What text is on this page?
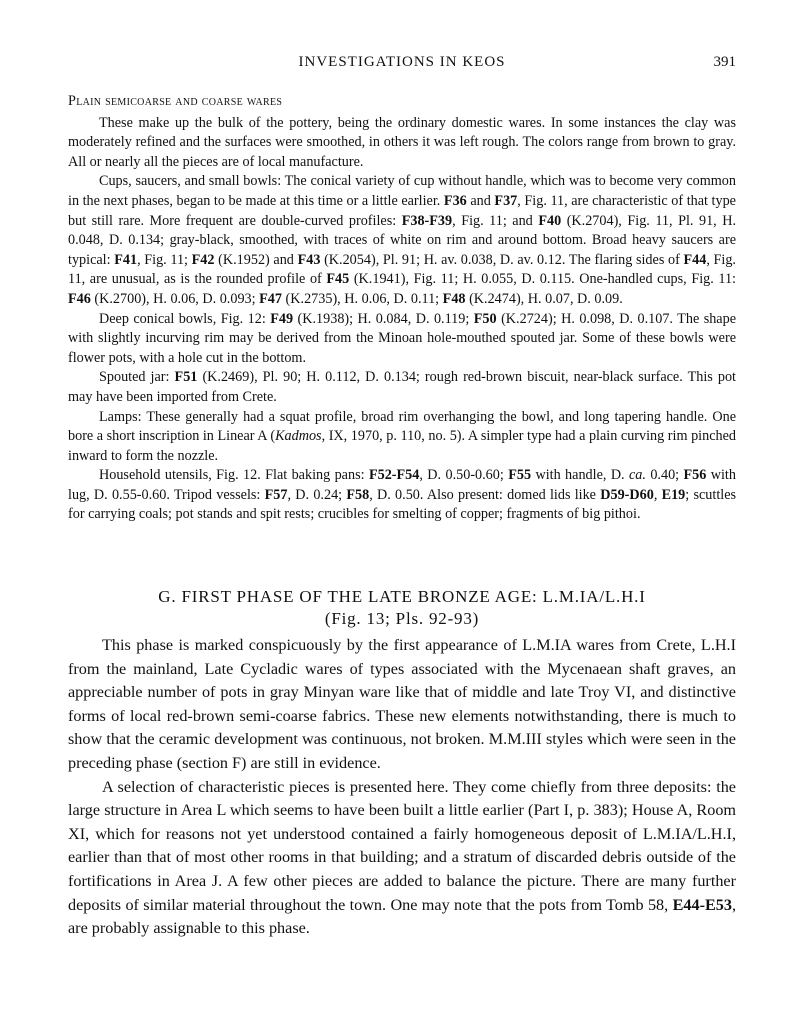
INVESTIGATIONS IN KEOS	391
Plain semicoarse and coarse wares

These make up the bulk of the pottery, being the ordinary domestic wares. In some instances the clay was moderately refined and the surfaces were smoothed, in others it was left rough. The colors range from brown to gray. All or nearly all the pieces are of local manufacture.

Cups, saucers, and small bowls: The conical variety of cup without handle, which was to become very common in the next phases, began to be made at this time or a little earlier. F36 and F37, Fig. 11, are characteristic of that type but still rare. More frequent are double-curved profiles: F38-F39, Fig. 11; and F40 (K.2704), Fig. 11, Pl. 91, H. 0.048, D. 0.134; gray-black, smoothed, with traces of white on rim and around bottom. Broad heavy saucers are typical: F41, Fig. 11; F42 (K.1952) and F43 (K.2054), Pl. 91; H. av. 0.038, D. av. 0.12. The flaring sides of F44, Fig. 11, are unusual, as is the rounded profile of F45 (K.1941), Fig. 11; H. 0.055, D. 0.115. One-handled cups, Fig. 11: F46 (K.2700), H. 0.06, D. 0.093; F47 (K.2735), H. 0.06, D. 0.11; F48 (K.2474), H. 0.07, D. 0.09.

Deep conical bowls, Fig. 12: F49 (K.1938); H. 0.084, D. 0.119; F50 (K.2724); H. 0.098, D. 0.107. The shape with slightly incurving rim may be derived from the Minoan hole-mouthed spouted jar. Some of these bowls were flower pots, with a hole cut in the bottom.

Spouted jar: F51 (K.2469), Pl. 90; H. 0.112, D. 0.134; rough red-brown biscuit, near-black surface. This pot may have been imported from Crete.

Lamps: These generally had a squat profile, broad rim overhanging the bowl, and long tapering handle. One bore a short inscription in Linear A (Kadmos, IX, 1970, p. 110, no. 5). A simpler type had a plain curving rim pinched inward to form the nozzle.

Household utensils, Fig. 12. Flat baking pans: F52-F54, D. 0.50-0.60; F55 with handle, D. ca. 0.40; F56 with lug, D. 0.55-0.60. Tripod vessels: F57, D. 0.24; F58, D. 0.50. Also present: domed lids like D59-D60, E19; scuttles for carrying coals; pot stands and spit rests; crucibles for smelting of copper; fragments of big pithoi.

G. FIRST PHASE OF THE LATE BRONZE AGE: L.M.IA/L.H.I
(Fig. 13; Pls. 92-93)

This phase is marked conspicuously by the first appearance of L.M.IA wares from Crete, L.H.I from the mainland, Late Cycladic wares of types associated with the Mycenaean shaft graves, an appreciable number of pots in gray Minyan ware like that of middle and late Troy VI, and distinctive forms of local red-brown semi-coarse fabrics. These new elements notwithstanding, there is much to show that the ceramic development was continuous, not broken. M.M.III styles which were seen in the preceding phase (section F) are still in evidence.

A selection of characteristic pieces is presented here. They come chiefly from three deposits: the large structure in Area L which seems to have been built a little earlier (Part I, p. 383); House A, Room XI, which for reasons not yet understood contained a fairly homogeneous deposit of L.M.IA/L.H.I, earlier than that of most other rooms in that building; and a stratum of discarded debris outside of the fortifications in Area J. A few other pieces are added to balance the picture. There are many further deposits of similar material throughout the town. One may note that the pots from Tomb 58, E44-E53, are probably assignable to this phase.
